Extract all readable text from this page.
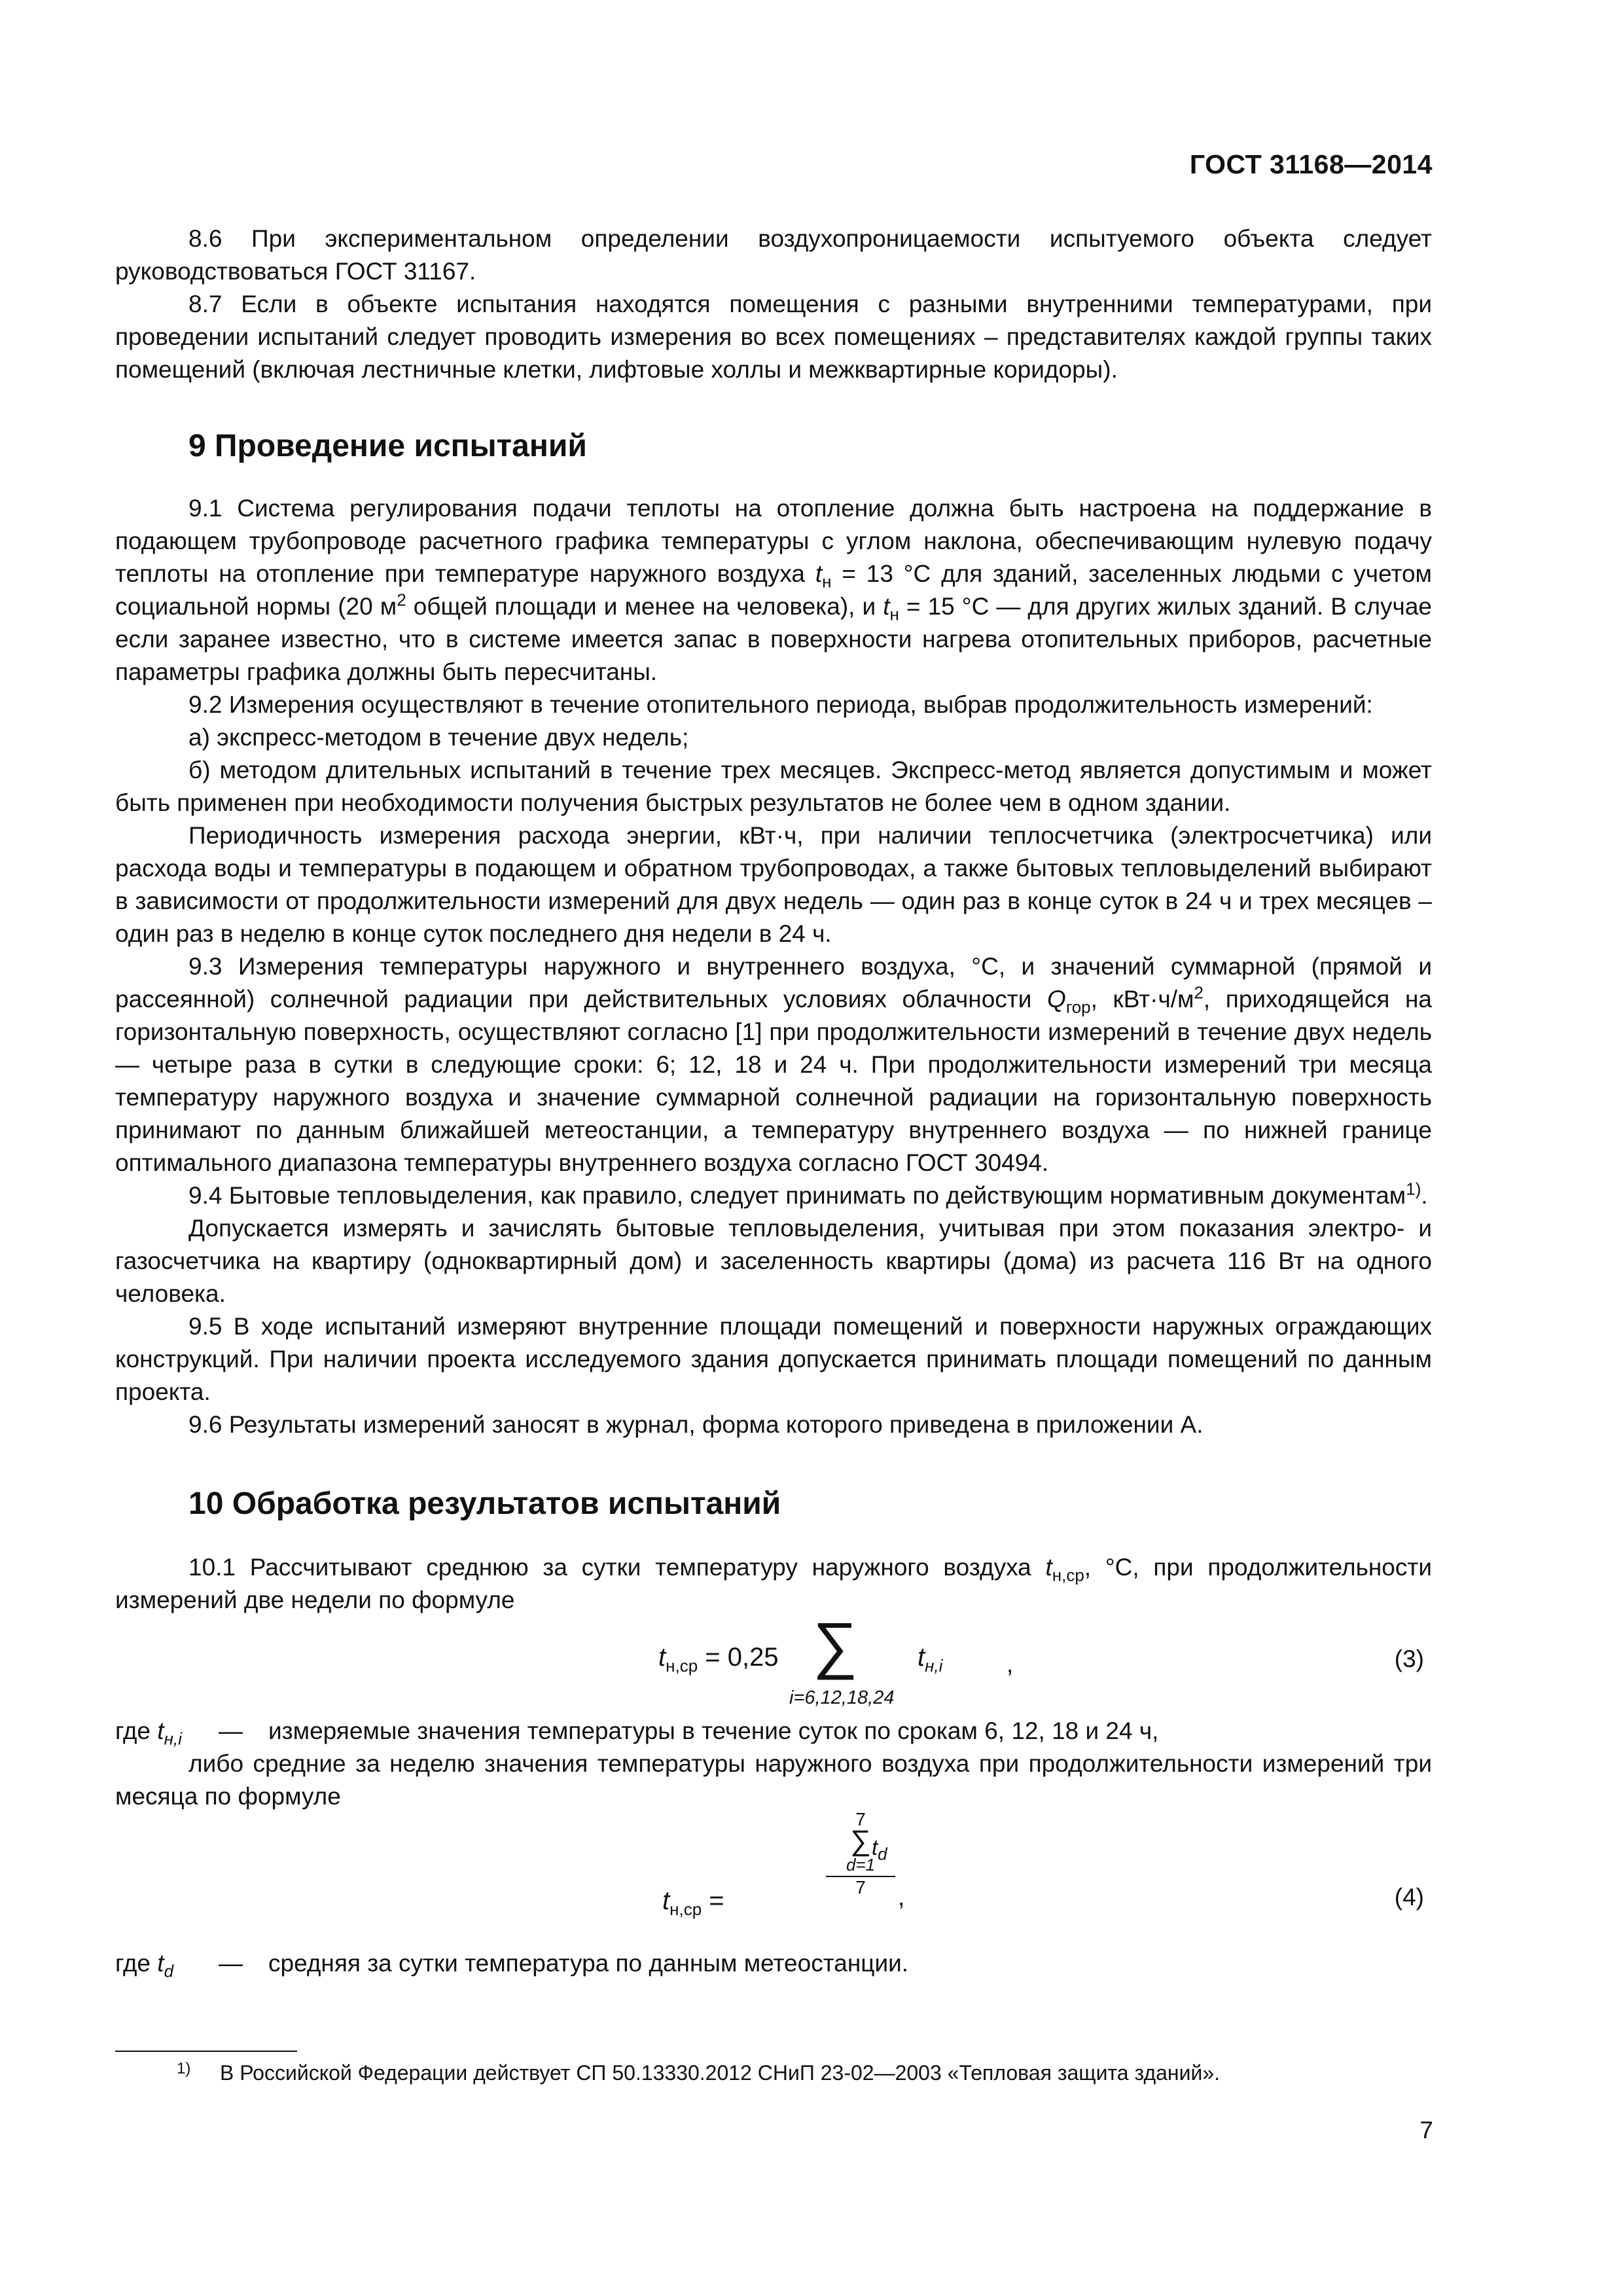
ГОСТ 31168—2014

8.6 При экспериментальном определении воздухопроницаемости испытуемого объекта следует руководствоваться ГОСТ 31167.

8.7 Если в объекте испытания находятся помещения с разными внутренними температурами, при проведении испытаний следует проводить измерения во всех помещениях – представителях каждой группы таких помещений (включая лестничные клетки, лифтовые холлы и межквартирные коридоры).

9 Проведение испытаний

9.1 Система регулирования подачи теплоты на отопление должна быть настроена на поддержание в подающем трубопроводе расчетного графика температуры с углом наклона, обеспечивающим нулевую подачу теплоты на отопление при температуре наружного воздуха $t_н = 13$ °С для зданий, заселенных людьми с учетом социальной нормы (20 $м^2$ общей площади и менее на человека), и $t_н = 15$ °С — для других жилых зданий. В случае если заранее известно, что в системе имеется запас в поверхности нагрева отопительных приборов, расчетные параметры графика должны быть пересчитаны.

9.2 Измерения осуществляют в течение отопительного периода, выбрав продолжительность измерений:

а) экспресс-методом в течение двух недель;

б) методом длительных испытаний в течение трех месяцев. Экспресс-метод является допустимым и может быть применен при необходимости получения быстрых результатов не более чем в одном здании.

Периодичность измерения расхода энергии, кВт·ч, при наличии теплосчетчика (электросчетчика) или расхода воды и температуры в подающем и обратном трубопроводах, а также бытовых тепловыделений выбирают в зависимости от продолжительности измерений для двух недель — один раз в конце суток в 24 ч и трех месяцев – один раз в неделю в конце суток последнего дня недели в 24 ч.

9.3 Измерения температуры наружного и внутреннего воздуха, °С, и значений суммарной (прямой и рассеянной) солнечной радиации при действительных условиях облачности $Q_{гор}$, $кВт\cdot ч/м^2$, приходящейся на горизонтальную поверхность, осуществляют согласно [1] при продолжительности измерений в течение двух недель — четыре раза в сутки в следующие сроки: 6; 12, 18 и 24 ч. При продолжительности измерений три месяца температуру наружного воздуха и значение суммарной солнечной радиации на горизонтальную поверхность принимают по данным ближайшей метеостанции, а температуру внутреннего воздуха — по нижней границе оптимального диапазона температуры внутреннего воздуха согласно ГОСТ 30494.

9.4 Бытовые тепловыделения, как правило, следует принимать по действующим нормативным документам$^{1)}$.

Допускается измерять и зачислять бытовые тепловыделения, учитывая при этом показания электро- и газосчетчика на квартиру (одноквартирный дом) и заселенность квартиры (дома) из расчета 116 Вт на одного человека.

9.5 В ходе испытаний измеряют внутренние площади помещений и поверхности наружных ограждающих конструкций. При наличии проекта исследуемого здания допускается принимать площади помещений по данным проекта.

9.6 Результаты измерений заносят в журнал, форма которого приведена в приложении А.

10 Обработка результатов испытаний

10.1 Рассчитывают среднюю за сутки температуру наружного воздуха $t_{н,ср}$, °С, при продолжительности измерений две недели по формуле

$t_{н,ср} = 0,25$ ∑
i=6,12,18,24
$t_{н,i}$	,	(3)
где $t_{н,i}$ — измеряемые значения температуры в течение суток по срокам 6, 12, 18 и 24 ч,

либо средние за неделю значения температуры наружного воздуха при продолжительности измерений три месяца по формуле

$t_{н,ср}$ =
7
∑ $t_d$
d=1
7	,	(4)
где $t_d$ — средняя за сутки температура по данным метеостанции.
1) В Российской Федерации действует СП 50.13330.2012 СНиП 23-02—2003 «Тепловая защита зданий».
7
